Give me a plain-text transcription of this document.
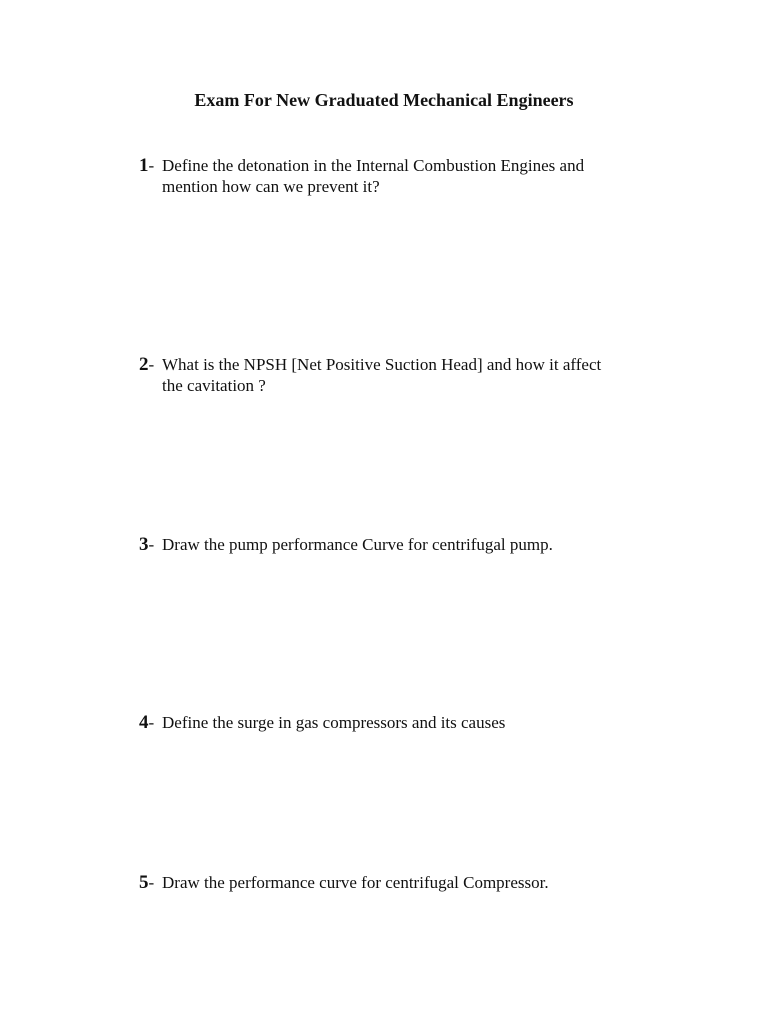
Exam For New Graduated Mechanical Engineers
1- Define the detonation in the Internal Combustion Engines and
mention how can we prevent it?
2- What is the NPSH [Net Positive Suction Head] and how it affect
the cavitation ?
3- Draw the pump performance Curve for centrifugal pump.
4- Define the surge in gas compressors and its causes
5- Draw the performance curve for centrifugal Compressor.
